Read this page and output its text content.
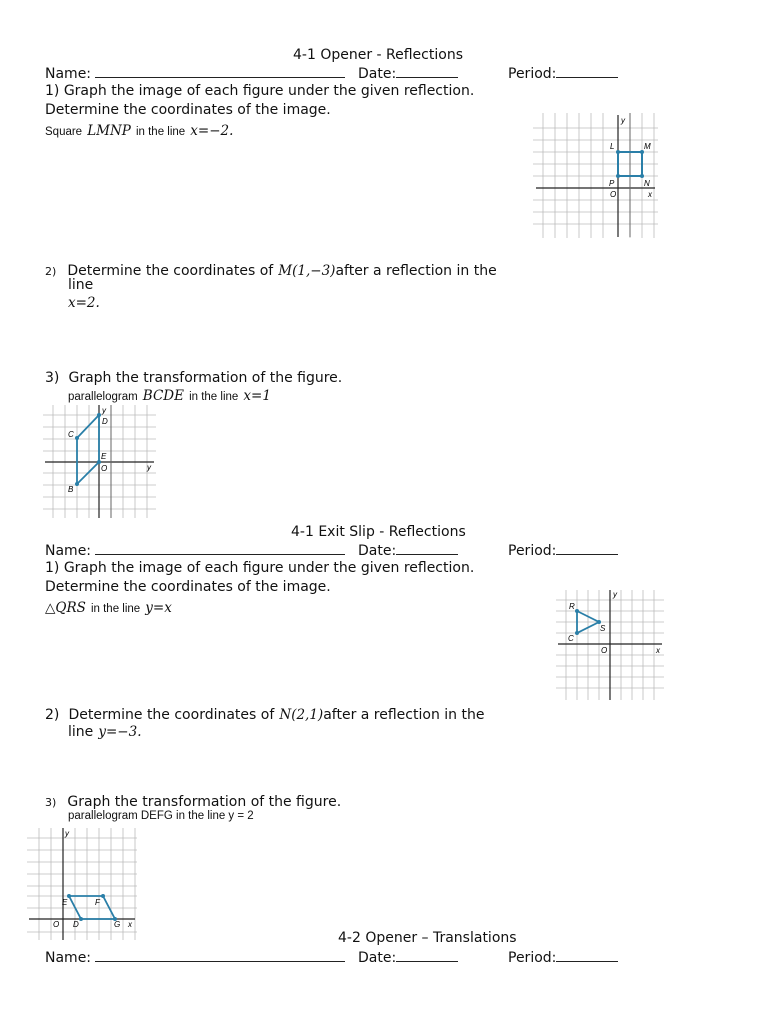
4-1 Opener - Reflections
Name:	Date:	Period:
1) Graph the image of each figure under the given reflection.
Determine the coordinates of the image.
Square LMNP in the line x=−2.
y
x
O
L	M
P	N
2) Determine the coordinates of M(1,−3)after a reflection in the
line
x=2.
3) Graph the transformation of the figure.
parallelogram BCDE in the line x=1
y
y
O
C
D
E
B
4-1 Exit Slip - Reflections
Name:	Date:	Period:
1) Graph the image of each figure under the given reflection.
Determine the coordinates of the image.
△QRS in the line y=x
y
x
O
R
S
C
2) Determine the coordinates of N(2,1)after a reflection in the
line y=−3.
3) Graph the transformation of the figure.
parallelogram DEFG in the line y = 2
y
x
O
E	F
D	G
4-2 Opener – Translations
Name:	Date:	Period:
